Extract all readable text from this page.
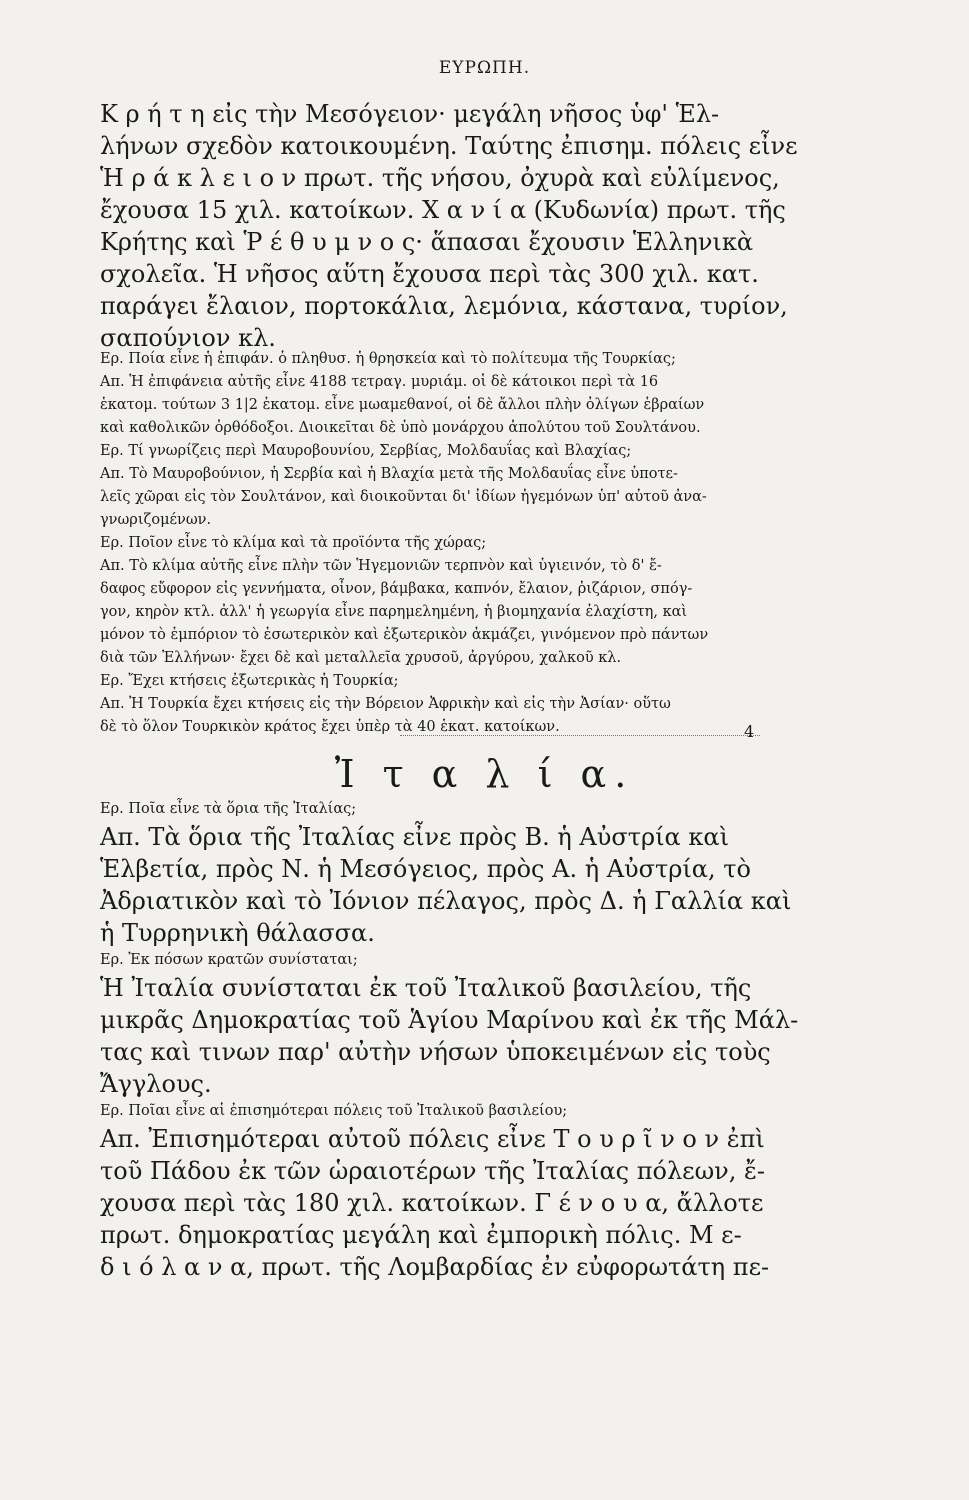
ΕΥΡΩΠΗ.
Κ ρ ή τ η εἰς τὴν Μεσόγειον· μεγάλη νῆσος ὑφ' Ἑλ-
λήνων σχεδὸν κατοικουμένη. Ταύτης ἐπισημ. πόλεις εἶνε
Ἡ ρ ά κ λ ε ι ο ν πρωτ. τῆς νήσου, ὀχυρὰ καὶ εὐλίμενος,
ἔχουσα 15 χιλ. κατοίκων. Χ α ν ί α (Κυδωνία) πρωτ. τῆς
Κρήτης καὶ Ῥ έ θ υ μ ν ο ς· ἅπασαι ἔχουσιν Ἑλληνικὰ
σχολεῖα. Ἡ νῆσος αὕτη ἔχουσα περὶ τὰς 300 χιλ. κατ.
παράγει ἔλαιον, πορτοκάλια, λεμόνια, κάστανα, τυρίον,
σαπούνιον κλ.
Ερ. Ποία εἶνε ἡ ἐπιφάν. ὁ πληθυσ. ἡ θρησκεία καὶ τὸ πολίτευμα τῆς Τουρκίας;
Απ. Ἡ ἐπιφάνεια αὐτῆς εἶνε 4188 τετραγ. μυριάμ. οἱ δὲ κάτοικοι περὶ τὰ 16
ἑκατομ. τούτων 3 1|2 ἑκατομ. εἶνε μωαμεθανοί, οἱ δὲ ἄλλοι πλὴν ὀλίγων ἑβραίων
καὶ καθολικῶν ὀρθόδοξοι. Διοικεῖται δὲ ὑπὸ μονάρχου ἀπολύτου τοῦ Σουλτάνου.
Ερ. Τί γνωρίζεις περὶ Μαυροβουνίου, Σερβίας, Μολδαυΐας καὶ Βλαχίας;
Απ. Τὸ Μαυροβούνιον, ἡ Σερβία καὶ ἡ Βλαχία μετὰ τῆς Μολδαυΐας εἶνε ὑποτε-
λεῖς χῶραι εἰς τὸν Σουλτάνον, καὶ διοικοῦνται δι' ἰδίων ἡγεμόνων ὑπ' αὐτοῦ ἀνα-
γνωριζομένων.
Ερ. Ποῖον εἶνε τὸ κλίμα καὶ τὰ προϊόντα τῆς χώρας;
Απ. Τὸ κλίμα αὐτῆς εἶνε πλὴν τῶν Ἡγεμονιῶν τερπνὸν καὶ ὑγιεινόν, τὸ δ' ἔ-
δαφος εὔφορον εἰς γεννήματα, οἶνον, βάμβακα, καπνόν, ἔλαιον, ῥιζάριον, σπόγ-
γον, κηρὸν κτλ. ἀλλ' ἡ γεωργία εἶνε παρημελημένη, ἡ βιομηχανία ἐλαχίστη, καὶ
μόνον τὸ ἐμπόριον τὸ ἐσωτερικὸν καὶ ἐξωτερικὸν ἀκμάζει, γινόμενον πρὸ πάντων
διὰ τῶν Ἑλλήνων· ἔχει δὲ καὶ μεταλλεῖα χρυσοῦ, ἀργύρου, χαλκοῦ κλ.
Ερ. Ἔχει κτήσεις ἐξωτερικὰς ἡ Τουρκία;
Απ. Ἡ Τουρκία ἔχει κτήσεις εἰς τὴν Βόρειον Ἀφρικὴν καὶ εἰς τὴν Ἀσίαν· οὕτω
δὲ τὸ ὅλον Τουρκικὸν κράτος ἔχει ὑπὲρ τὰ 40 ἑκατ. κατοίκων.	4
Ἰ τ α λ ί α.
Ερ. Ποῖα εἶνε τὰ ὅρια τῆς Ἰταλίας;
Απ. Τὰ ὅρια τῆς Ἰταλίας εἶνε πρὸς Β. ἡ Αὐστρία καὶ
Ἑλβετία, πρὸς Ν. ἡ Μεσόγειος, πρὸς Α. ἡ Αὐστρία, τὸ
Ἀδριατικὸν καὶ τὸ Ἰόνιον πέλαγος, πρὸς Δ. ἡ Γαλλία καὶ
ἡ Τυρρηνικὴ θάλασσα.
Ερ. Ἐκ πόσων κρατῶν συνίσταται;
Ἡ Ἰταλία συνίσταται ἐκ τοῦ Ἰταλικοῦ βασιλείου, τῆς
μικρᾶς Δημοκρατίας τοῦ Ἁγίου Μαρίνου καὶ ἐκ τῆς Μάλ-
τας καὶ τινων παρ' αὐτὴν νήσων ὑποκειμένων εἰς τοὺς
Ἄγγλους.
Ερ. Ποῖαι εἶνε αἱ ἐπισημότεραι πόλεις τοῦ Ἰταλικοῦ βασιλείου;
Απ. Ἐπισημότεραι αὐτοῦ πόλεις εἶνε Τ ο υ ρ ῖ ν ο ν ἐπὶ
τοῦ Πάδου ἐκ τῶν ὡραιοτέρων τῆς Ἰταλίας πόλεων, ἔ-
χουσα περὶ τὰς 180 χιλ. κατοίκων. Γ έ ν ο υ α, ἄλλοτε
πρωτ. δημοκρατίας μεγάλη καὶ ἐμπορικὴ πόλις. Μ ε-
δ ι ό λ α ν α, πρωτ. τῆς Λομβαρδίας ἐν εὐφορωτάτη πε-
